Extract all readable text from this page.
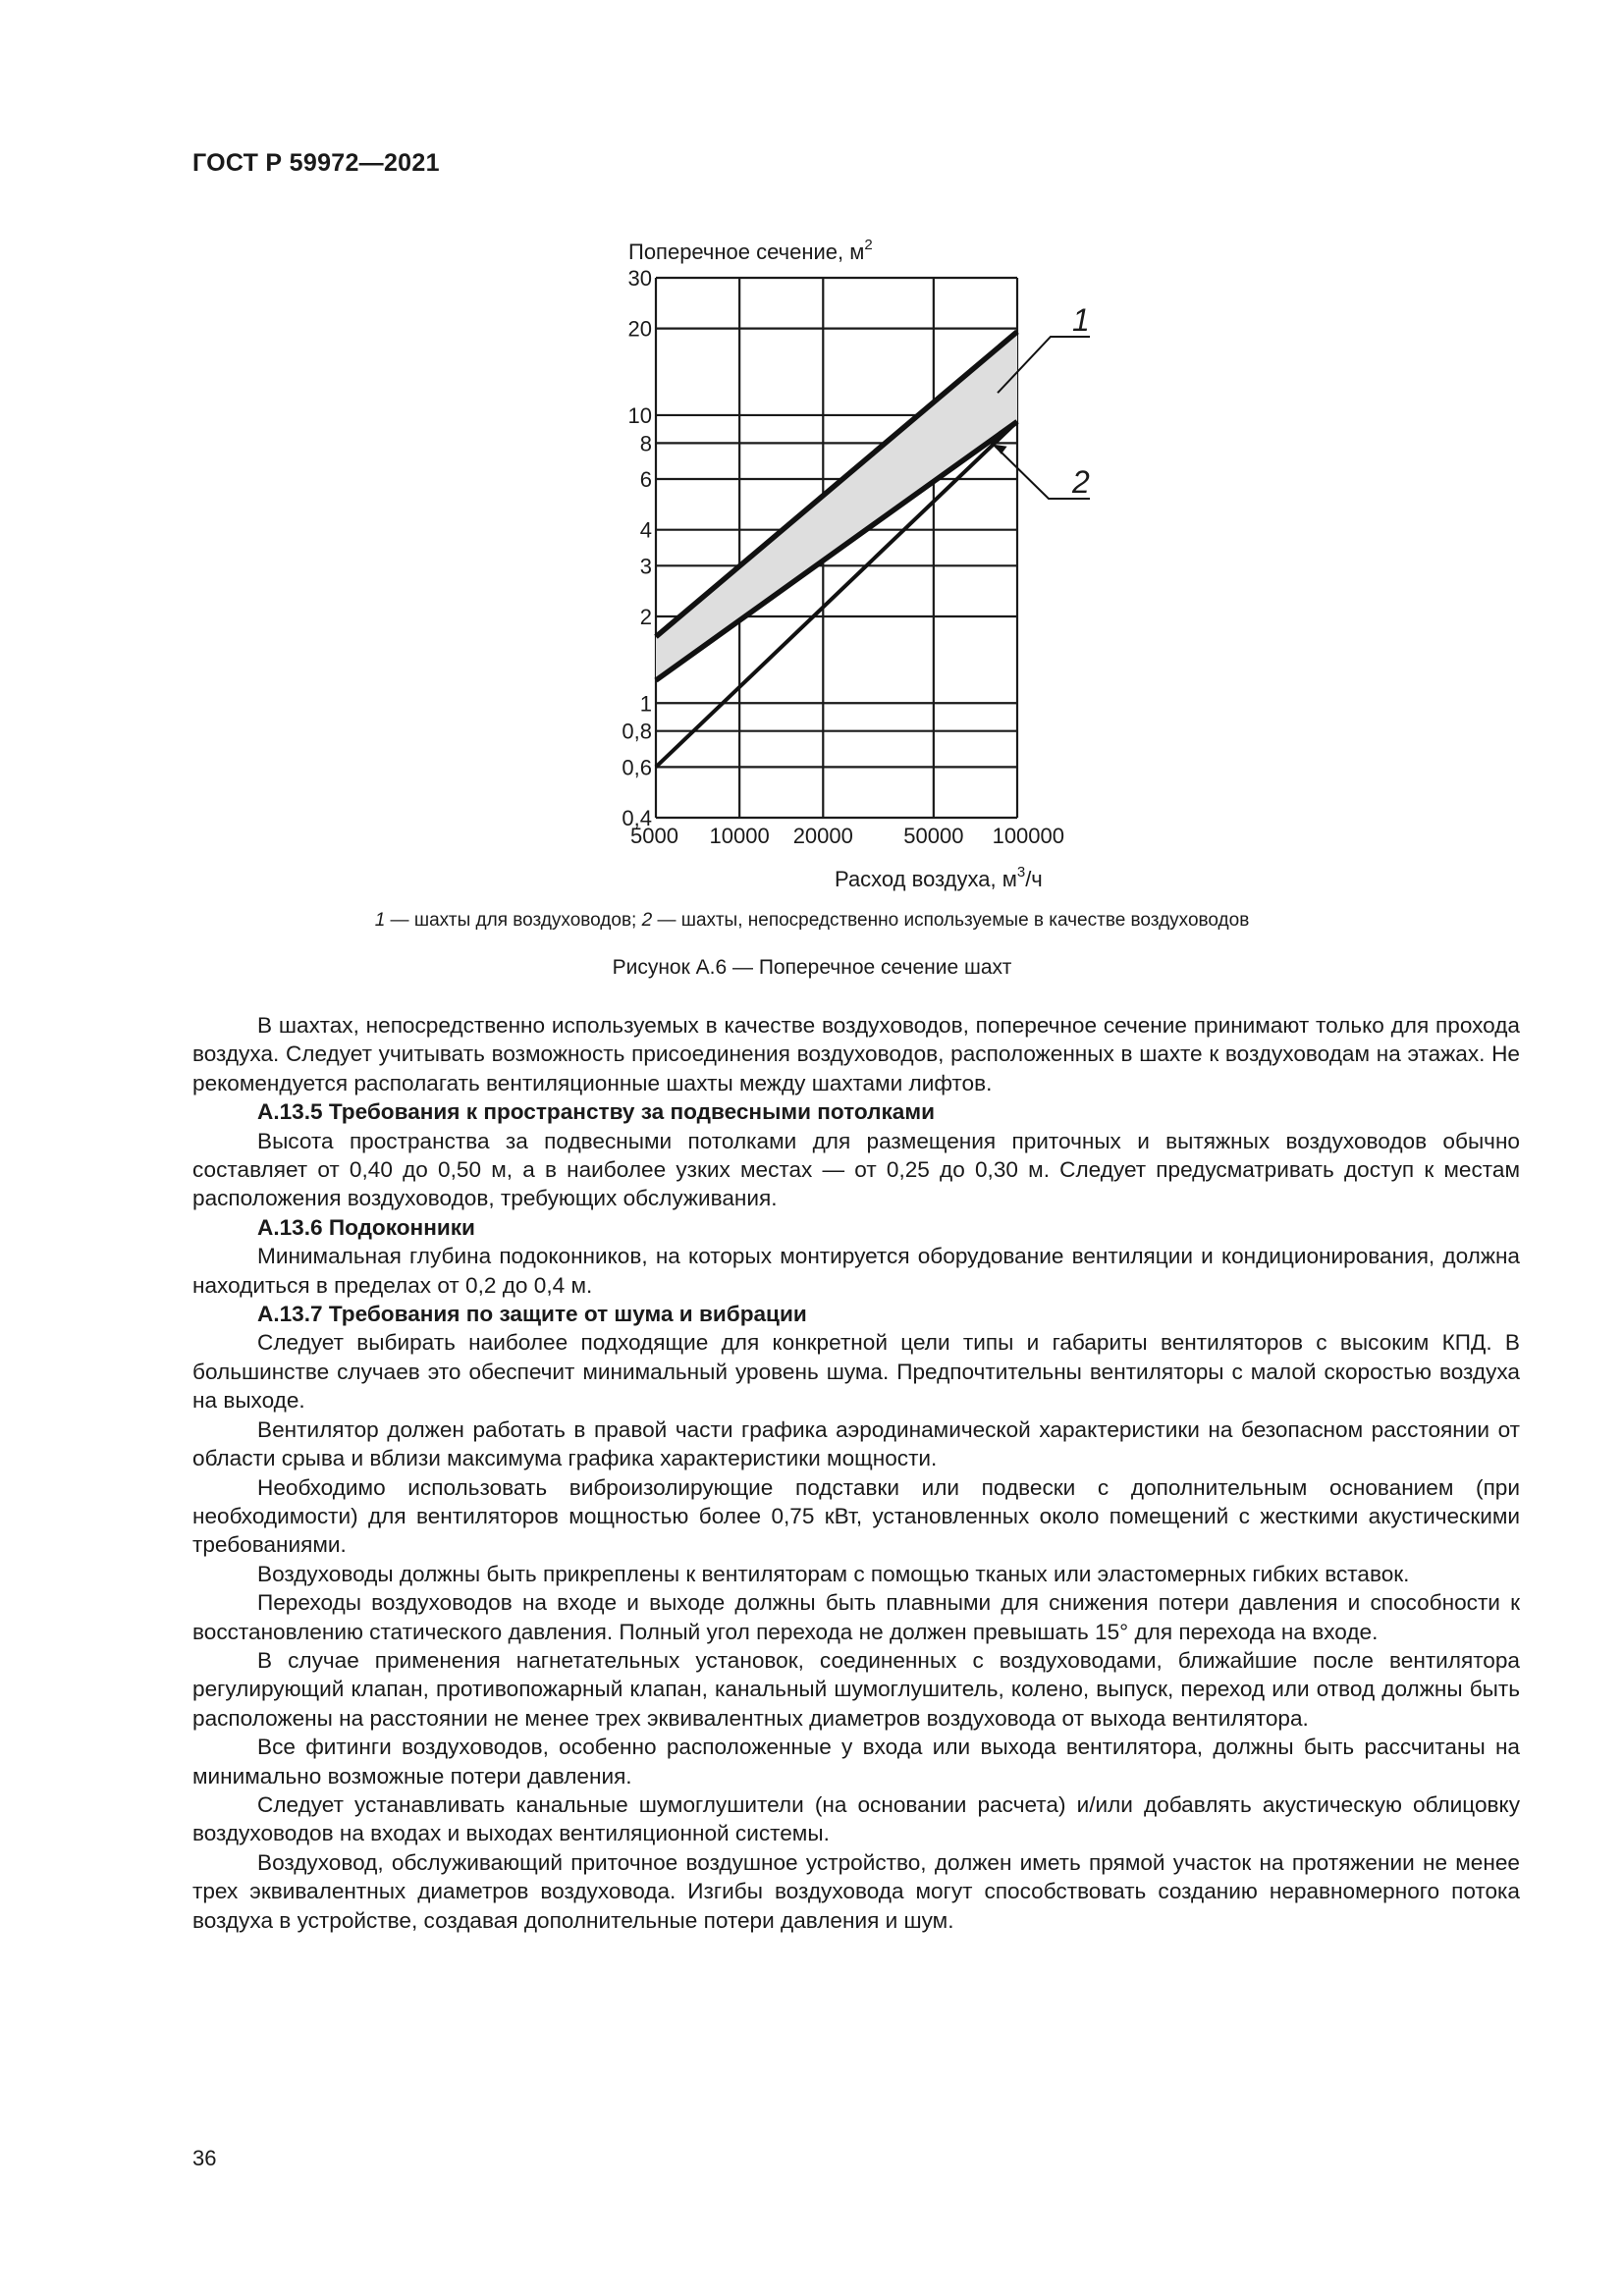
ГОСТ Р 59972—2021
Поперечное сечение, $м^2$
Расход воздуха, $м^3/ч$
30
20
10
8
6
4
3
2
1
0,8
0,6
0,4
5000 10000 20000 50000 100000
1
2
1 — шахты для воздуховодов; 2 — шахты, непосредственно используемые в качестве воздуховодов
Рисунок А.6 — Поперечное сечение шахт

В шахтах, непосредственно используемых в качестве воздуховодов, поперечное сечение принимают только для прохода воздуха. Следует учитывать возможность присоединения воздуховодов, расположенных в шахте к воздуховодам на этажах. Не рекомендуется располагать вентиляционные шахты между шахтами лифтов.

А.13.5 Требования к пространству за подвесными потолками

Высота пространства за подвесными потолками для размещения приточных и вытяжных воздуховодов обычно составляет от 0,40 до 0,50 м, а в наиболее узких местах — от 0,25 до 0,30 м. Следует предусматривать доступ к местам расположения воздуховодов, требующих обслуживания.

А.13.6 Подоконники

Минимальная глубина подоконников, на которых монтируется оборудование вентиляции и кондиционирования, должна находиться в пределах от 0,2 до 0,4 м.

А.13.7 Требования по защите от шума и вибрации

Следует выбирать наиболее подходящие для конкретной цели типы и габариты вентиляторов с высоким КПД. В большинстве случаев это обеспечит минимальный уровень шума. Предпочтительны вентиляторы с малой скоростью воздуха на выходе.

Вентилятор должен работать в правой части графика аэродинамической характеристики на безопасном расстоянии от области срыва и вблизи максимума графика характеристики мощности.

Необходимо использовать виброизолирующие подставки или подвески с дополнительным основанием (при необходимости) для вентиляторов мощностью более 0,75 кВт, установленных около помещений с жесткими акустическими требованиями.

Воздуховоды должны быть прикреплены к вентиляторам с помощью тканых или эластомерных гибких вставок.

Переходы воздуховодов на входе и выходе должны быть плавными для снижения потери давления и способности к восстановлению статического давления. Полный угол перехода не должен превышать 15° для перехода на входе.

В случае применения нагнетательных установок, соединенных с воздуховодами, ближайшие после вентилятора регулирующий клапан, противопожарный клапан, канальный шумоглушитель, колено, выпуск, переход или отвод должны быть расположены на расстоянии не менее трех эквивалентных диаметров воздуховода от выхода вентилятора.

Все фитинги воздуховодов, особенно расположенные у входа или выхода вентилятора, должны быть рассчитаны на минимально возможные потери давления.

Следует устанавливать канальные шумоглушители (на основании расчета) и/или добавлять акустическую облицовку воздуховодов на входах и выходах вентиляционной системы.

Воздуховод, обслуживающий приточное воздушное устройство, должен иметь прямой участок на протяжении не менее трех эквивалентных диаметров воздуховода. Изгибы воздуховода могут способствовать созданию неравномерного потока воздуха в устройстве, создавая дополнительные потери давления и шум.

36
